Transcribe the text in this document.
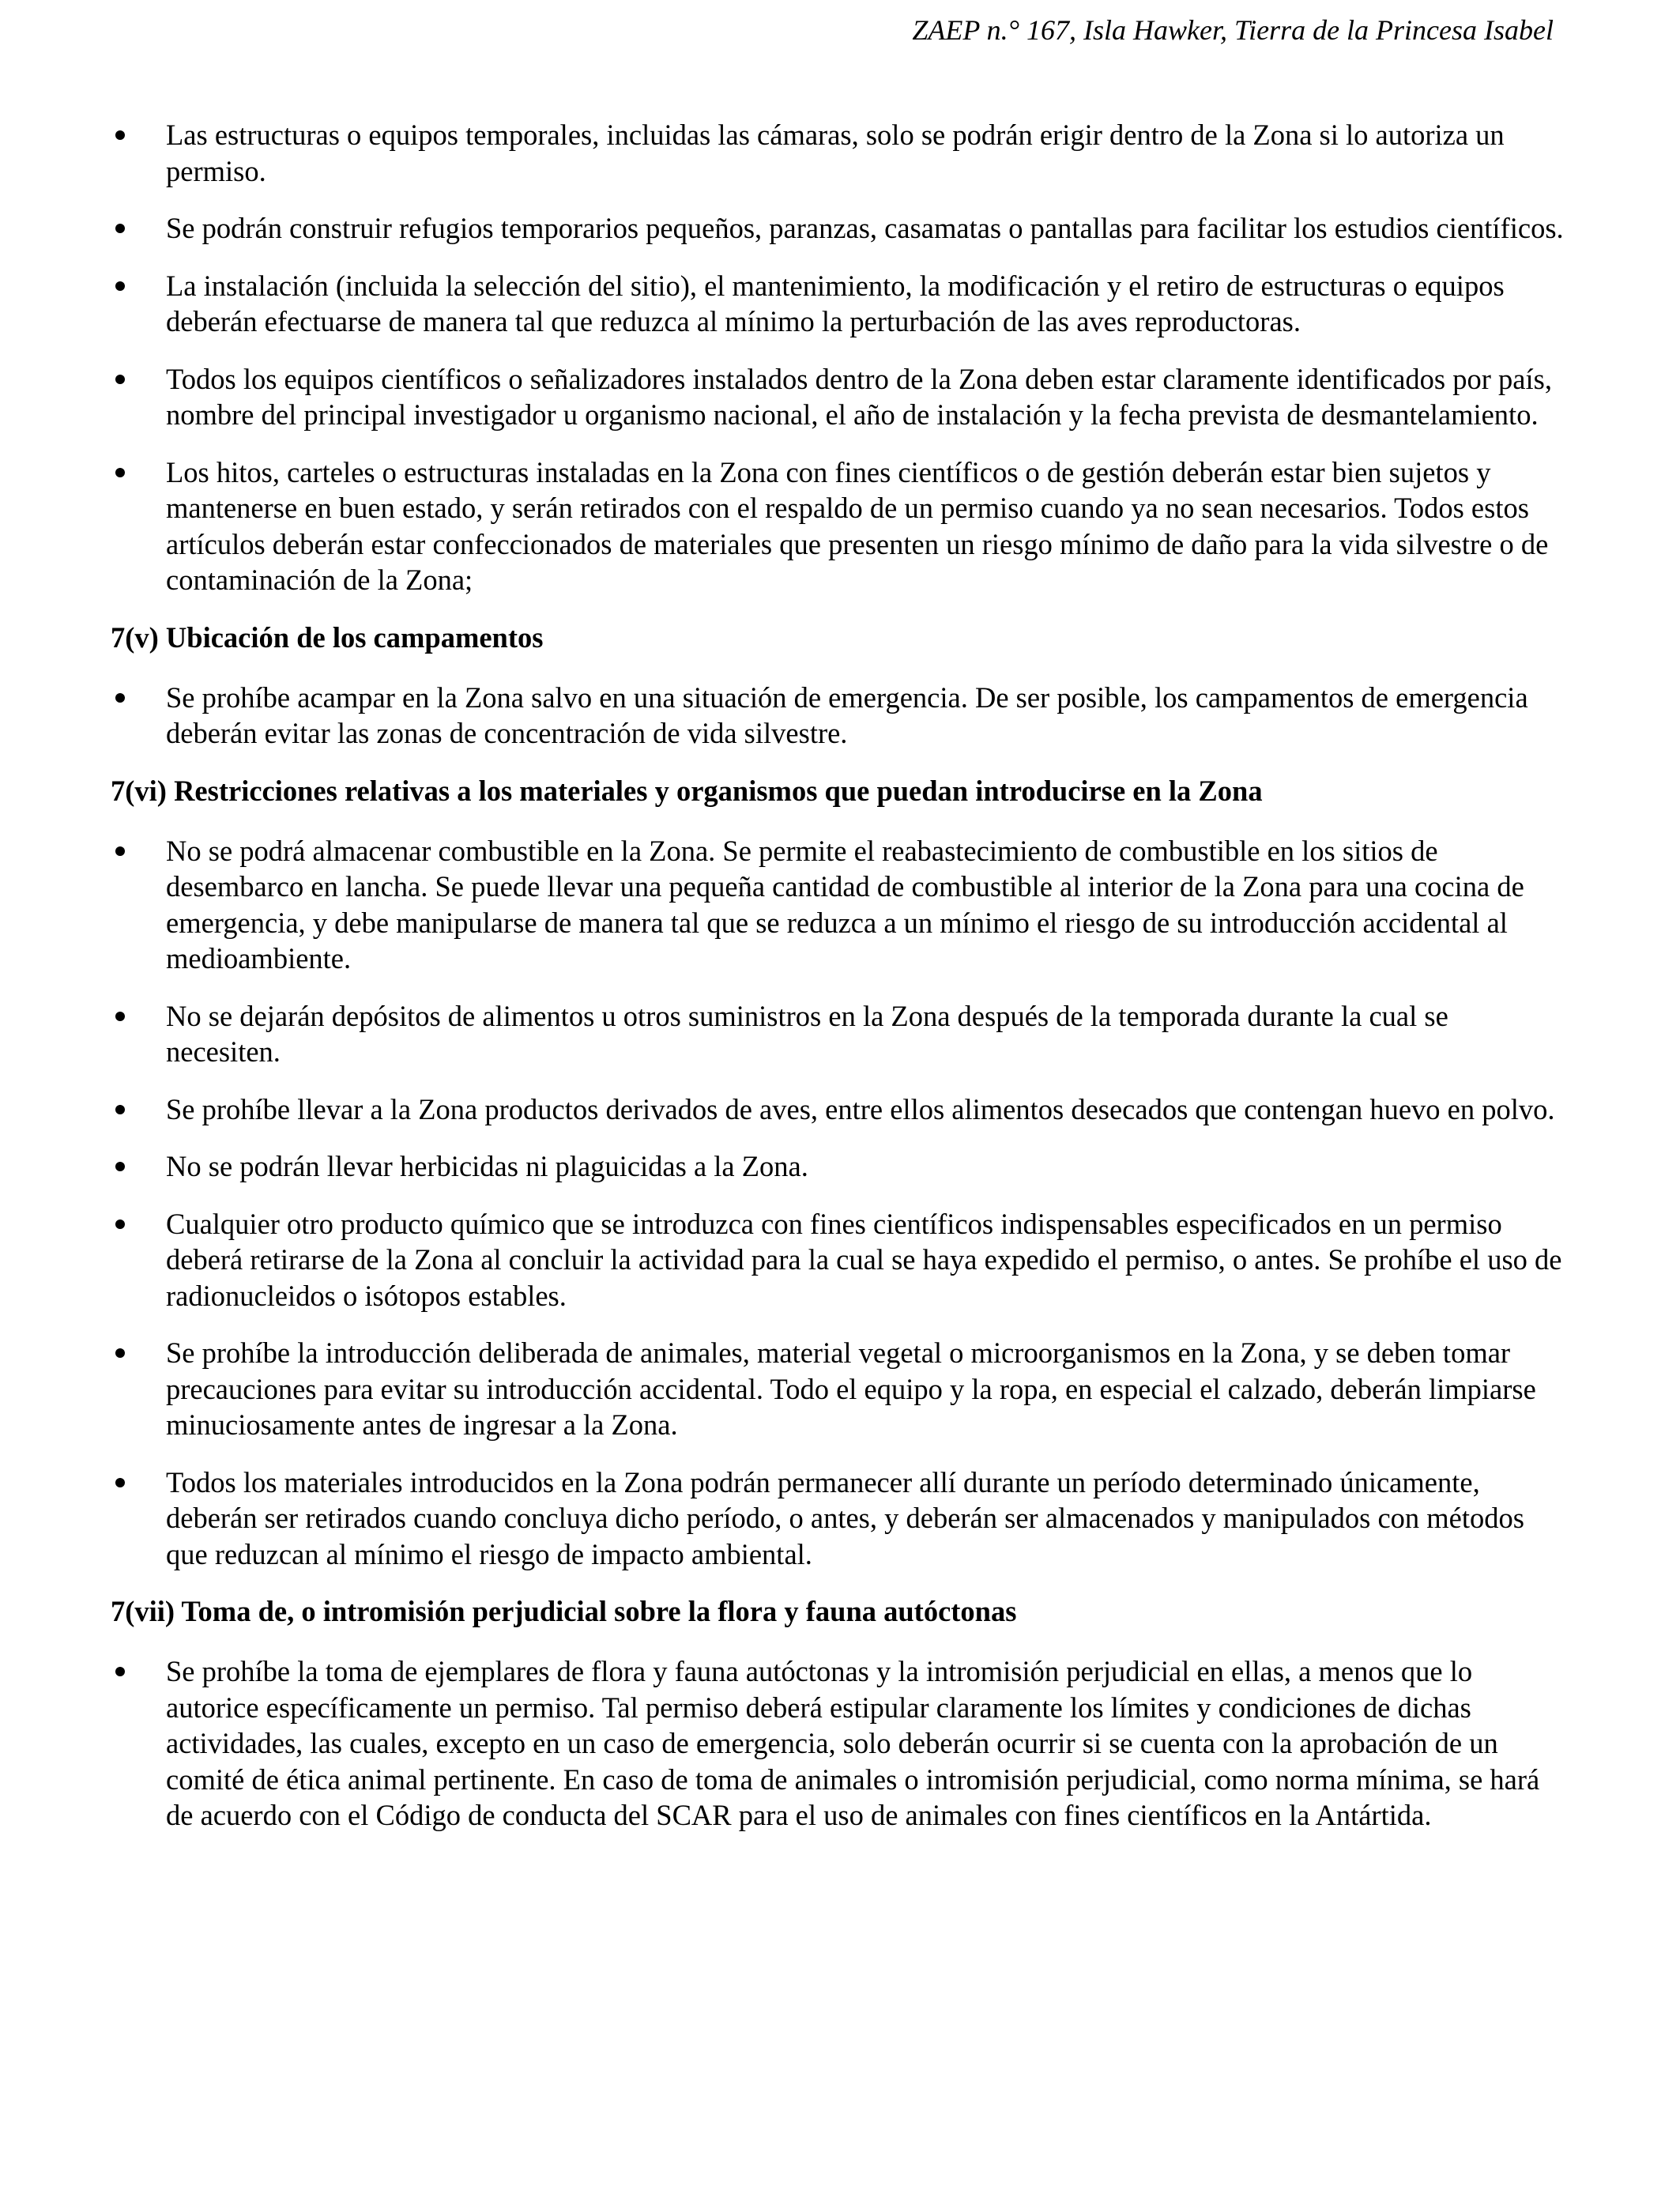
ZAEP n.° 167, Isla Hawker, Tierra de la Princesa Isabel
Las estructuras o equipos temporales, incluidas las cámaras, solo se podrán erigir dentro de la Zona si lo autoriza un permiso.
Se podrán construir refugios temporarios pequeños, paranzas, casamatas o pantallas para facilitar los estudios científicos.
La instalación (incluida la selección del sitio), el mantenimiento, la modificación y el retiro de estructuras o equipos deberán efectuarse de manera tal que reduzca al mínimo la perturbación de las aves reproductoras.
Todos los equipos científicos o señalizadores instalados dentro de la Zona deben estar claramente identificados por país, nombre del principal investigador u organismo nacional, el año de instalación y la fecha prevista de desmantelamiento.
Los hitos, carteles o estructuras instaladas en la Zona con fines científicos o de gestión deberán estar bien sujetos y mantenerse en buen estado, y serán retirados con el respaldo de un permiso cuando ya no sean necesarios. Todos estos artículos deberán estar confeccionados de materiales que presenten un riesgo mínimo de daño para la vida silvestre o de contaminación de la Zona;
7(v) Ubicación de los campamentos
Se prohíbe acampar en la Zona salvo en una situación de emergencia. De ser posible, los campamentos de emergencia deberán evitar las zonas de concentración de vida silvestre.
7(vi) Restricciones relativas a los materiales y organismos que puedan introducirse en la Zona
No se podrá almacenar combustible en la Zona. Se permite el reabastecimiento de combustible en los sitios de desembarco en lancha. Se puede llevar una pequeña cantidad de combustible al interior de la Zona para una cocina de emergencia, y debe manipularse de manera tal que se reduzca a un mínimo el riesgo de su introducción accidental al medioambiente.
No se dejarán depósitos de alimentos u otros suministros en la Zona después de la temporada durante la cual se necesiten.
Se prohíbe llevar a la Zona productos derivados de aves, entre ellos alimentos desecados que contengan huevo en polvo.
No se podrán llevar herbicidas ni plaguicidas a la Zona.
Cualquier otro producto químico que se introduzca con fines científicos indispensables especificados en un permiso deberá retirarse de la Zona al concluir la actividad para la cual se haya expedido el permiso, o antes. Se prohíbe el uso de radionucleidos o isótopos estables.
Se prohíbe la introducción deliberada de animales, material vegetal o microorganismos en la Zona, y se deben tomar precauciones para evitar su introducción accidental. Todo el equipo y la ropa, en especial el calzado, deberán limpiarse minuciosamente antes de ingresar a la Zona.
Todos los materiales introducidos en la Zona podrán permanecer allí durante un período determinado únicamente, deberán ser retirados cuando concluya dicho período, o antes, y deberán ser almacenados y manipulados con métodos que reduzcan al mínimo el riesgo de impacto ambiental.
7(vii) Toma de, o intromisión perjudicial sobre la flora y fauna autóctonas
Se prohíbe la toma de ejemplares de flora y fauna autóctonas y la intromisión perjudicial en ellas, a menos que lo autorice específicamente un permiso. Tal permiso deberá estipular claramente los límites y condiciones de dichas actividades, las cuales, excepto en un caso de emergencia, solo deberán ocurrir si se cuenta con la aprobación de un comité de ética animal pertinente. En caso de toma de animales o intromisión perjudicial, como norma mínima, se hará de acuerdo con el Código de conducta del SCAR para el uso de animales con fines científicos en la Antártida.
